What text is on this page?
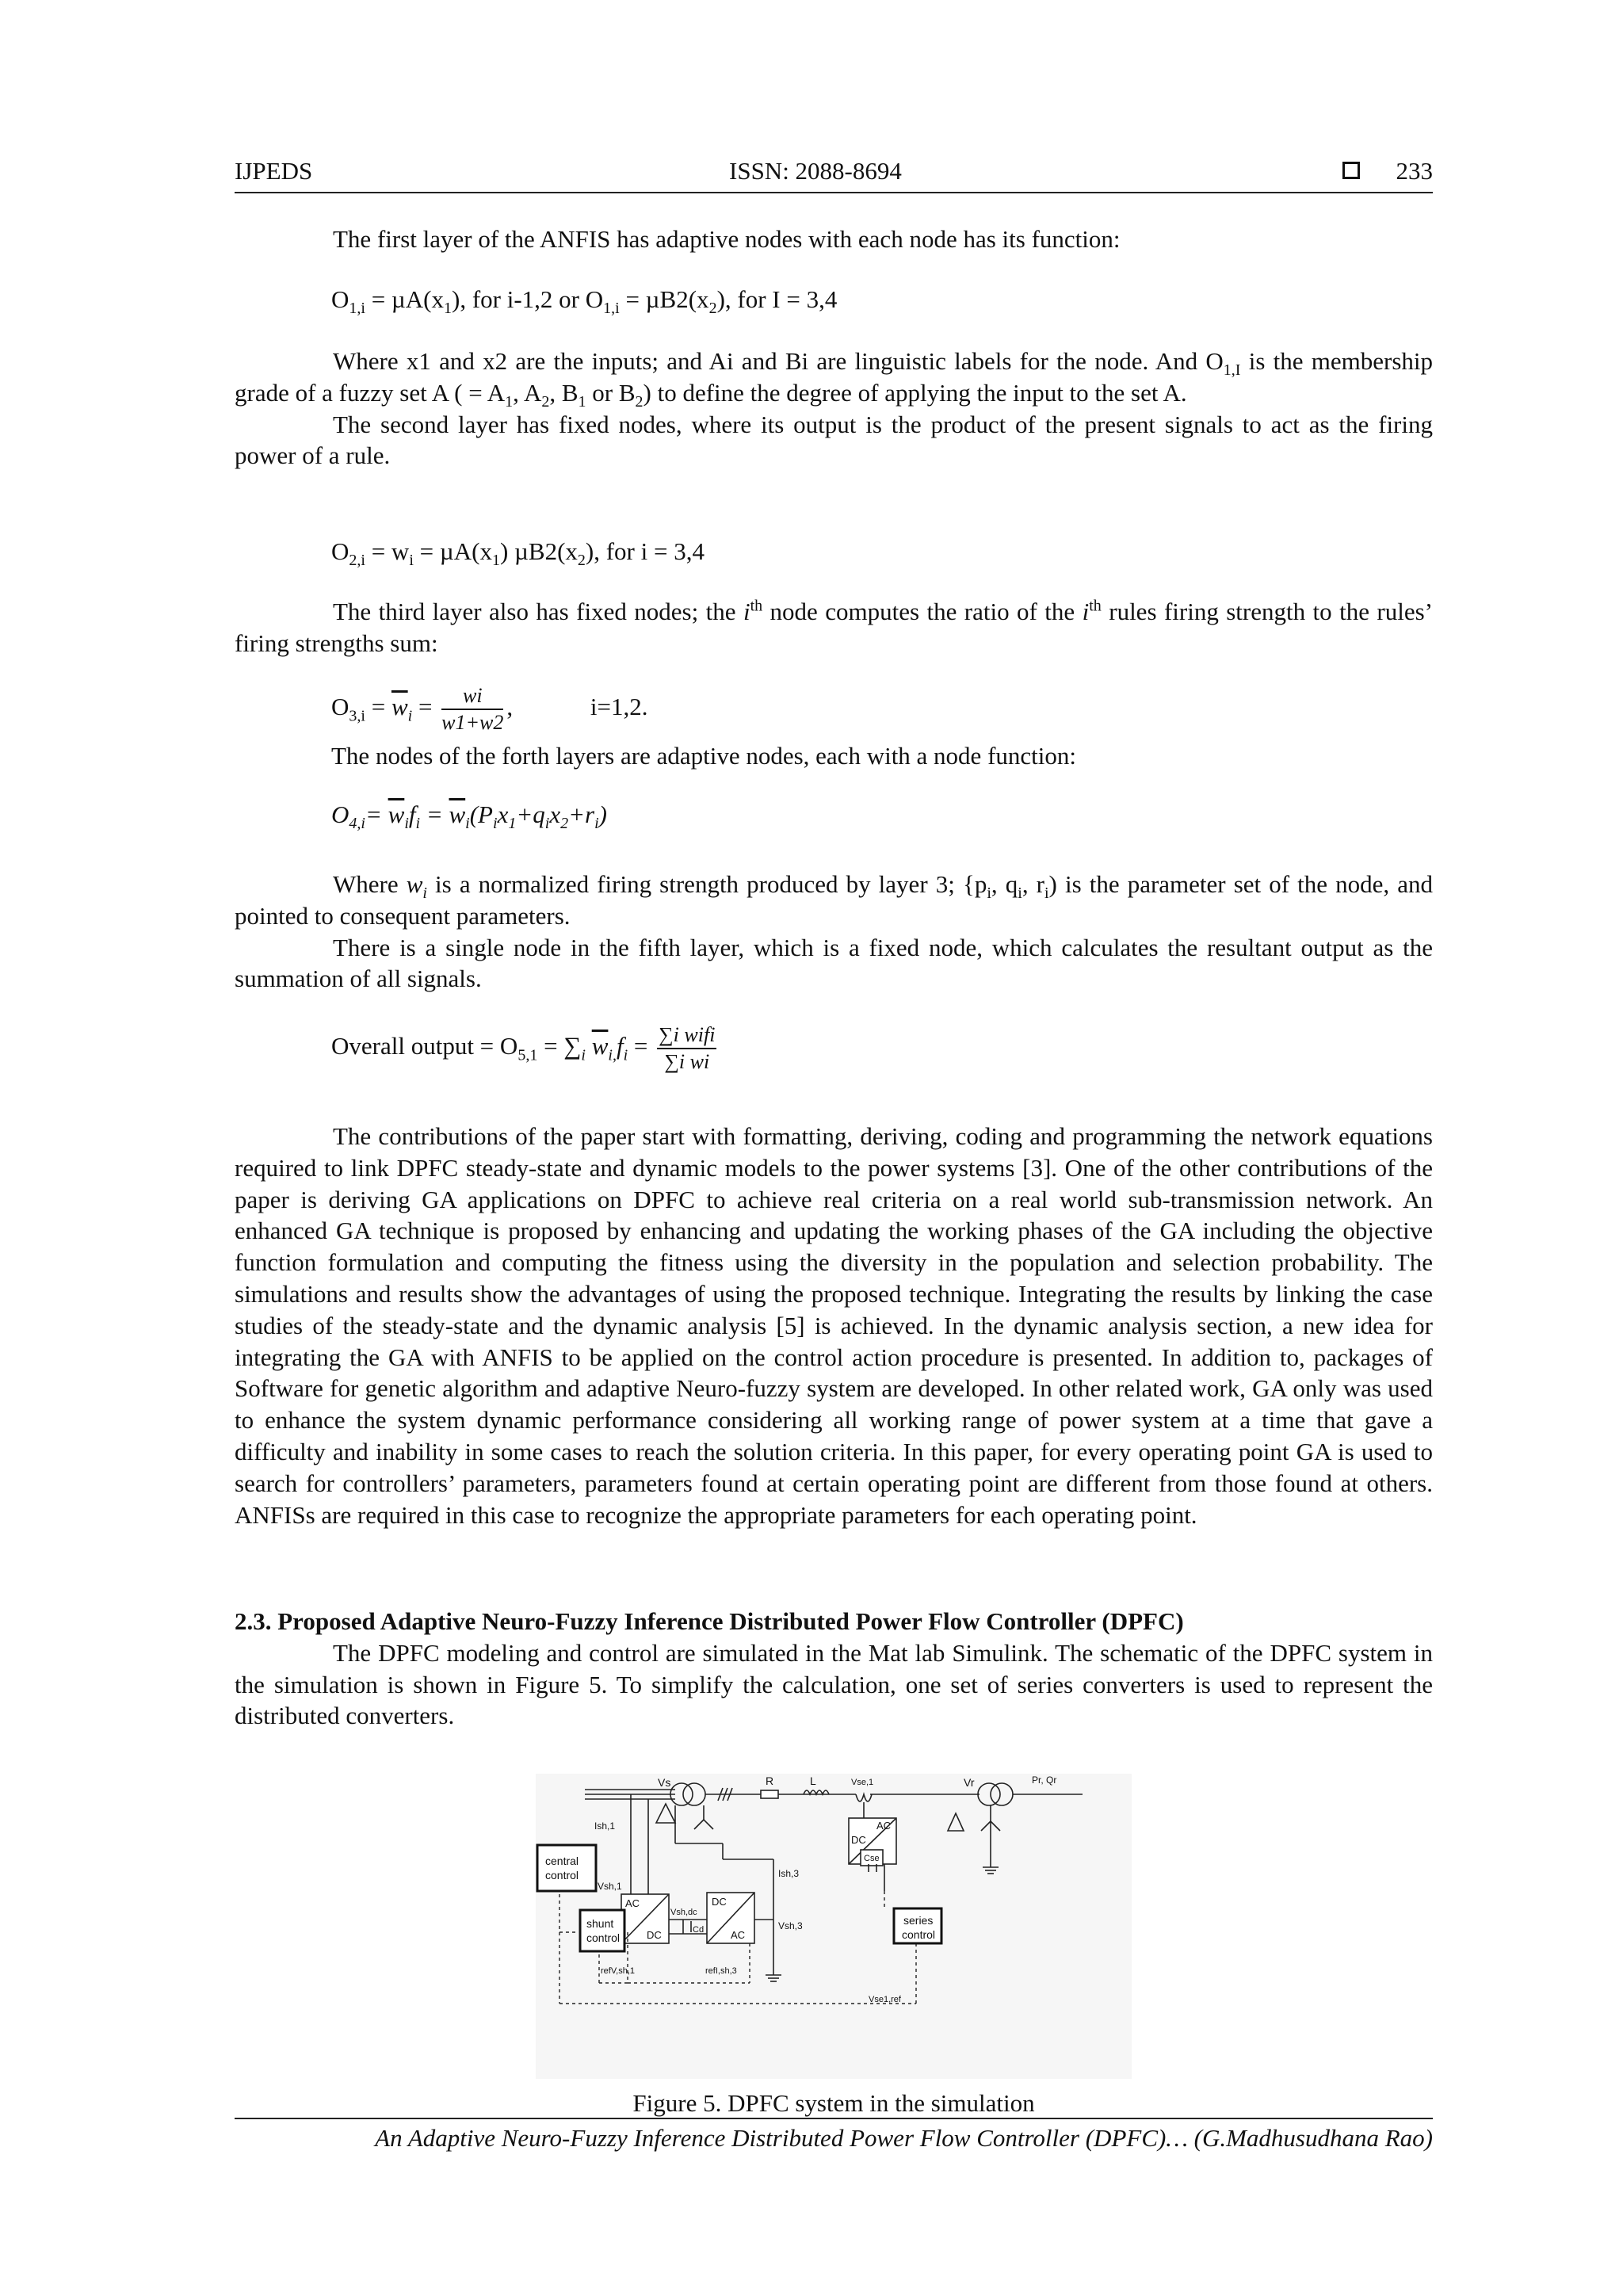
IJPEDS	ISSN: 2088-8694	233

The first layer of the ANFIS has adaptive nodes with each node has its function:

$O_{1,i} = \mu A(x_1)$, for i-1,2 or $O_{1,i} = \mu B2(x_2)$, for I = 3,4

Where x1 and x2 are the inputs; and Ai and Bi are linguistic labels for the node. And $O_{1,I}$ is the membership grade of a fuzzy set A ( = $A_1$, $A_2$, $B_1$ or $B_2$) to define the degree of applying the input to the set A.

The second layer has fixed nodes, where its output is the product of the present signals to act as the firing power of a rule.

$O_{2,i} = w_i = \mu A(x_1)$ $\mu B2(x_2)$, for i = 3,4

The third layer also has fixed nodes; the $i^{th}$ node computes the ratio of the $i^{th}$ rules firing strength to the rules’ firing strengths sum:

$O_{3,i} = \overline{w}_i = \frac{wi}{w1+w2}$ ,	i=1,2.

The nodes of the forth layers are adaptive nodes, each with a node function:

$O_{4,i}= \overline{w}_if_i = \overline{w}_i(P_ix_1+q_ix_2+r_i)$

Where $w_i$ is a normalized firing strength produced by layer 3; {$p_i$, $q_i$, $r_i$) is the parameter set of the node, and pointed to consequent parameters.

There is a single node in the fifth layer, which is a fixed node, which calculates the resultant output as the summation of all signals.

Overall output = $O_{5,1} = \sum_i$ $\overline{w}_{i,}f_i = \frac{\text{∑i wifi}}{\text{∑i wi}}$

The contributions of the paper start with formatting, deriving, coding and programming the network equations required to link DPFC steady-state and dynamic models to the power systems [3]. One of the other contributions of the paper is deriving GA applications on DPFC to achieve real criteria on a real world sub-transmission network. An enhanced GA technique is proposed by enhancing and updating the working phases of the GA including the objective function formulation and computing the fitness using the diversity in the population and selection probability. The simulations and results show the advantages of using the proposed technique. Integrating the results by linking the case studies of the steady-state and the dynamic analysis [5] is achieved. In the dynamic analysis section, a new idea for integrating the GA with ANFIS to be applied on the control action procedure is presented. In addition to, packages of Software for genetic algorithm and adaptive Neuro-fuzzy system are developed. In other related work, GA only was used to enhance the system dynamic performance considering all working range of power system at a time that gave a difficulty and inability in some cases to reach the solution criteria. In this paper, for every operating point GA is used to search for controllers’ parameters, parameters found at certain operating point are different from those found at others. ANFISs are required in this case to recognize the appropriate parameters for each operating point.

2.3. Proposed Adaptive Neuro-Fuzzy Inference Distributed Power Flow Controller (DPFC)

The DPFC modeling and control are simulated in the Mat lab Simulink. The schematic of the DPFC system in the simulation is shown in Figure 5. To simplify the calculation, one set of series converters is used to represent the distributed converters.

Vs	R	L	Vse,1	Vr	Pr, Qr
Ish,1
Vsh,1
central
control
shunt
control
series
control
AC
DC
DC
AC
AC
DC
Vsh,dc
Cd
Cse
Ish,3
Vsh,3
refV,sh,1	refI,sh,3
Vse1,ref
Figure 5. DPFC system in the simulation
An Adaptive Neuro-Fuzzy Inference Distributed Power Flow Controller (DPFC)… (G.Madhusudhana Rao)
